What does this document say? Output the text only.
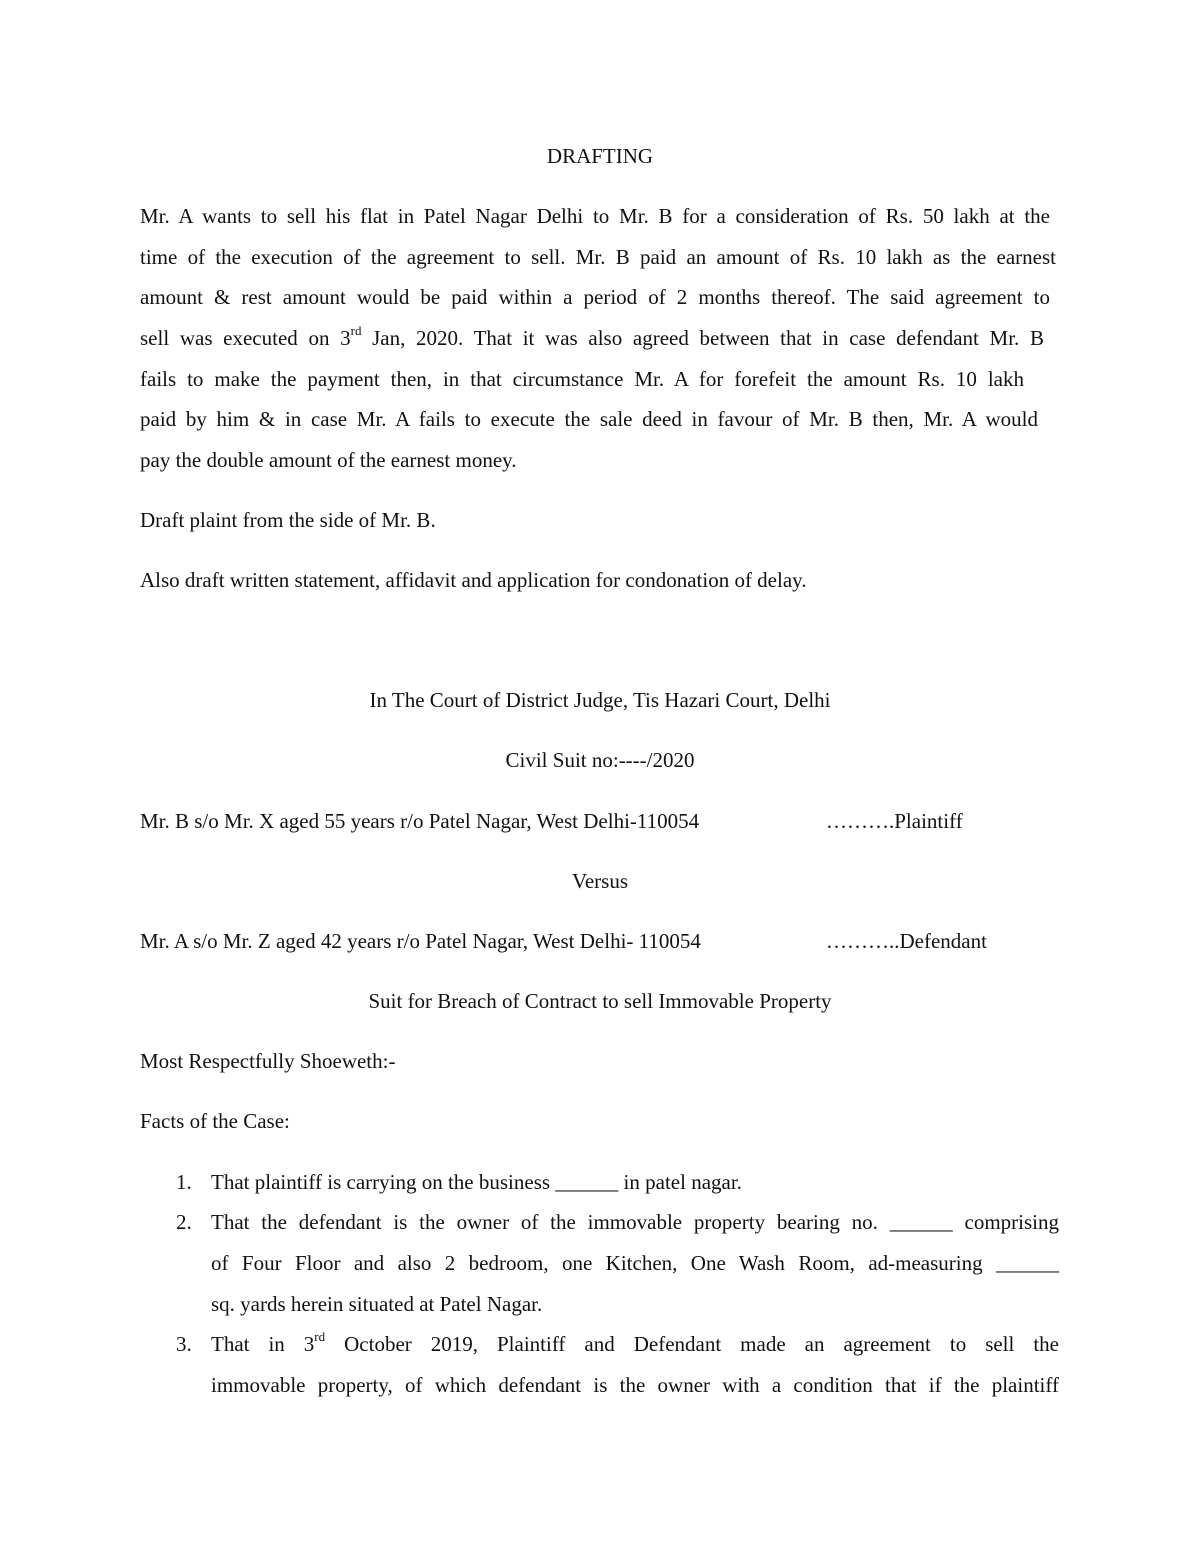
DRAFTING
Mr. A wants to sell his flat in Patel Nagar Delhi to Mr. B for a consideration of Rs. 50 lakh at the
time of the execution of the agreement to sell. Mr. B paid an amount of Rs. 10 lakh as the earnest
amount & rest amount would be paid within a period of 2 months thereof. The said agreement to
sell was executed on 3rd Jan, 2020. That it was also agreed between that in case defendant Mr. B
fails to make the payment then, in that circumstance Mr. A for forefeit the amount Rs. 10 lakh
paid by him & in case Mr. A fails to execute the sale deed in favour of Mr. B then, Mr. A would
pay the double amount of the earnest money.
Draft plaint from the side of Mr. B.
Also draft written statement, affidavit and application for condonation of delay.
In The Court of District Judge, Tis Hazari Court, Delhi
Civil Suit no:----/2020
Mr. B s/o Mr. X aged 55 years r/o Patel Nagar, West Delhi-110054	……….Plaintiff
Versus
Mr. A s/o Mr. Z aged 42 years r/o Patel Nagar, West Delhi- 110054	………..Defendant
Suit for Breach of Contract to sell Immovable Property
Most Respectfully Shoeweth:-
Facts of the Case:
1. That plaintiff is carrying on the business ______ in patel nagar.
2. That the defendant is the owner of the immovable property bearing no. ______ comprising
of Four Floor and also 2 bedroom, one Kitchen, One Wash Room, ad-measuring ______
sq. yards herein situated at Patel Nagar.
3. That in 3rd October 2019, Plaintiff and Defendant made an agreement to sell the
immovable property, of which defendant is the owner with a condition that if the plaintiff
